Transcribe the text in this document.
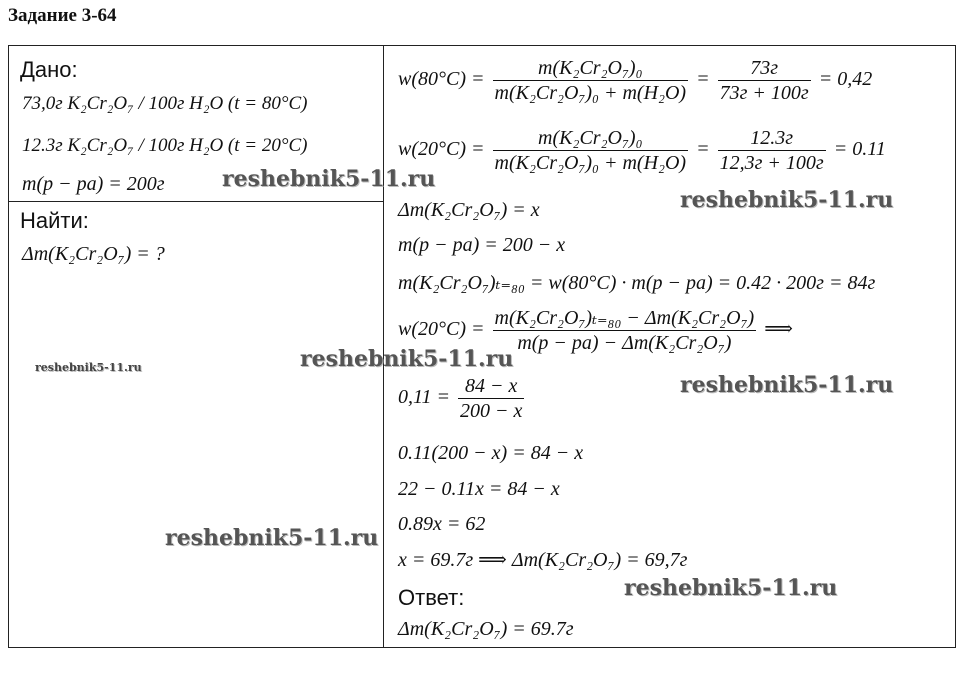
Задание 3-64
Дано:
73,0г K₂Cr₂O₇ / 100г H₂O (t = 80°C)
12.3г K₂Cr₂O₇ / 100г H₂O (t = 20°C)
m(p − pa) = 200г
Найти:
Δm(K₂Cr₂O₇) = ?
$w(80^\circ C) = \frac{\text{m(K₂Cr₂O₇)₀}}{\text{m(K₂Cr₂O₇)₀ + m(H₂O)}} = \frac{73г}{73г + 100г} = 0,42$
$w(20^\circ C) = \frac{\text{m(K₂Cr₂O₇)₀}}{\text{m(K₂Cr₂O₇)₀ + m(H₂O)}} = \frac{12.3г}{12,3г + 100г} = 0.11$
Δm(K₂Cr₂O₇) = x
m(p − pa) = 200 − x
m(K₂Cr₂O₇)ₜ₌₈₀ = w(80°C) · m(p − pa) = 0.42 · 200г = 84г
$w(20^\circ C) = \frac{\text{m(K₂Cr₂O₇)ₜ₌₈₀ − Δm(K₂Cr₂O₇)}}{\text{m(p − pa) − Δm(K₂Cr₂O₇)}}$ ⟹
$0,11 = \frac{84 - x}{200 - x}$
0.11(200 − x) = 84 − x
22 − 0.11x = 84 − x
0.89x = 62
x = 69.7г ⟹ Δm(K₂Cr₂O₇) = 69,7г
Ответ:
Δm(K₂Cr₂O₇) = 69.7г
reshebnik5-11.ru
reshebnik5-11.ru
reshebnik5-11.ru	reshebnik5-11.ru
reshebnik5-11.ru
reshebnik5-11.ru
reshebnik5-11.ru
